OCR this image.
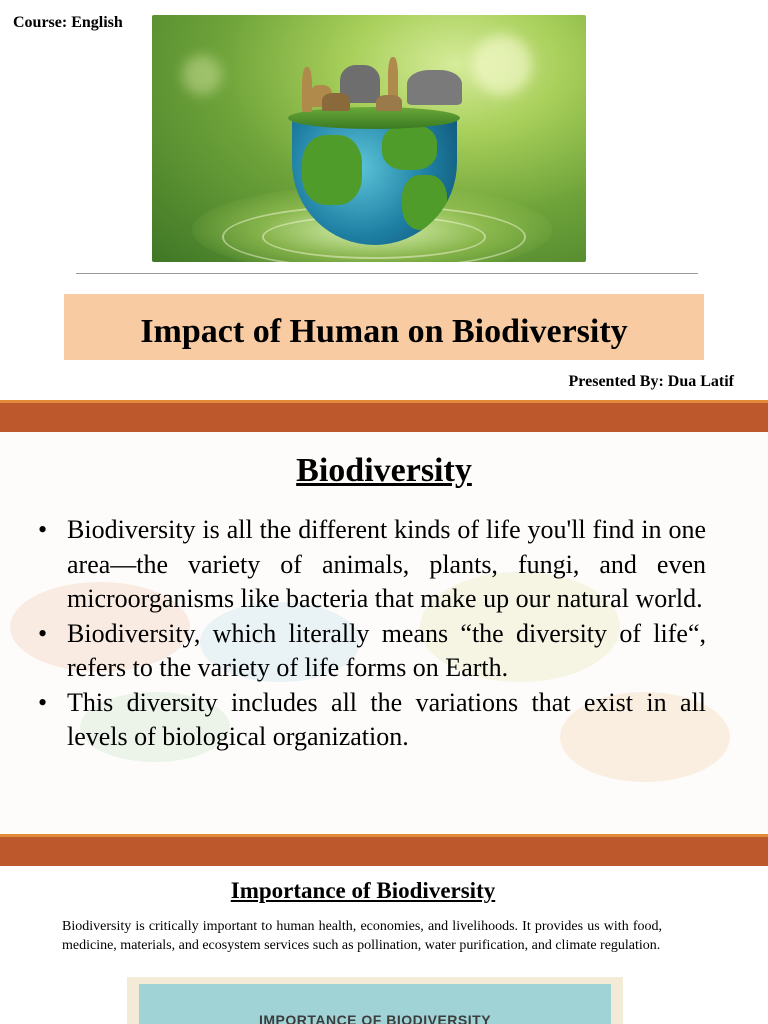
Course: English
Impact of Human on Biodiversity
Presented By: Dua Latif
Biodiversity
• Biodiversity is all the different kinds of life you'll find in one area—the variety of animals, plants, fungi, and even microorganisms like bacteria that make up our natural world.
• Biodiversity, which literally means “the diversity of life“, refers to the variety of life forms on Earth.
• This diversity includes all the variations that exist in all levels of biological organization.
Importance of Biodiversity
Biodiversity is critically important to human health, economies, and livelihoods. It provides us with food, medicine, materials, and ecosystem services such as pollination, water purification, and climate regulation.
IMPORTANCE OF BIODIVERSITY
